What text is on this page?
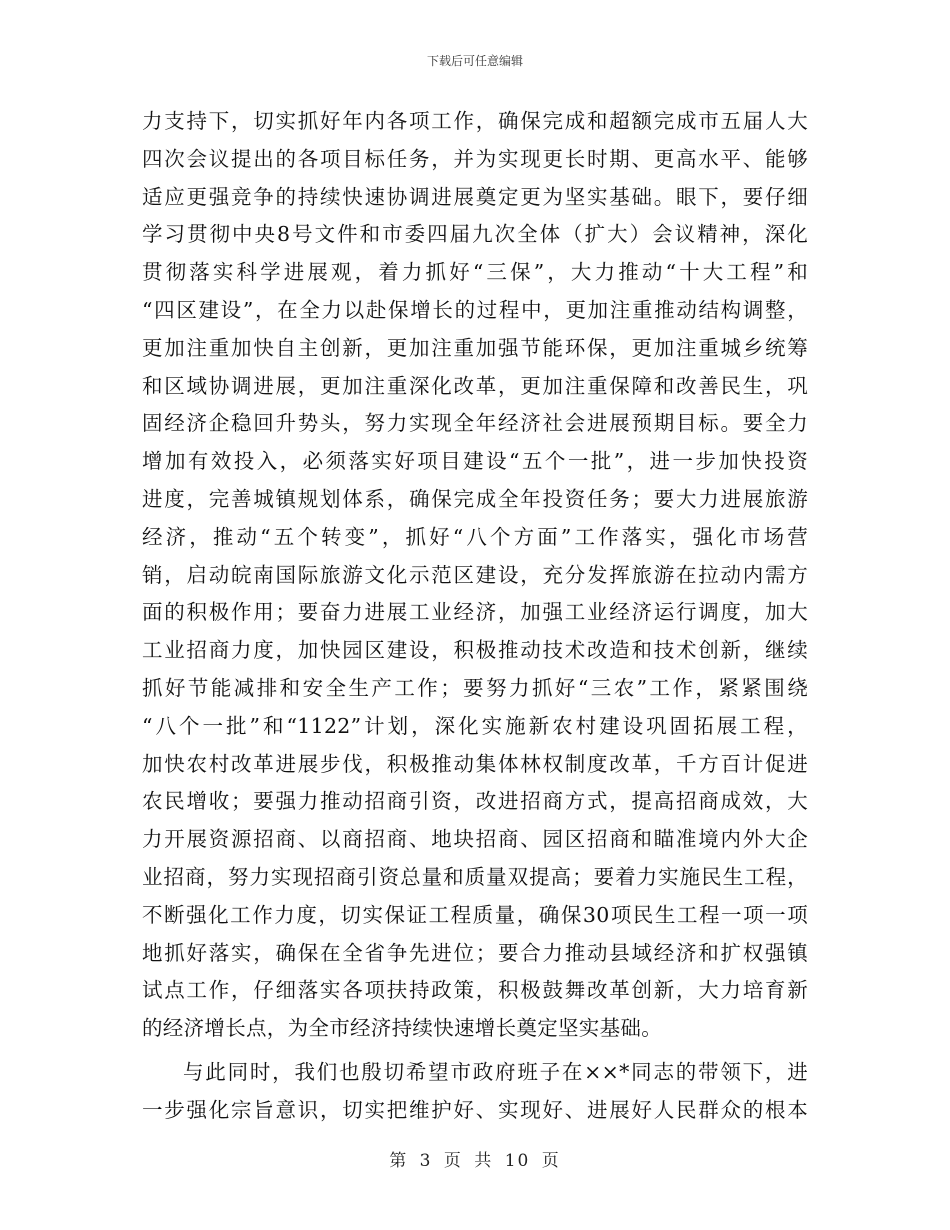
下载后可任意编辑
力支持下，切实抓好年内各项工作，确保完成和超额完成市五届人大
四次会议提出的各项目标任务，并为实现更长时期、更高水平、能够
适应更强竞争的持续快速协调进展奠定更为坚实基础。眼下，要仔细
学习贯彻中央8号文件和市委四届九次全体（扩大）会议精神，深化
贯彻落实科学进展观，着力抓好“三保”，大力推动“十大工程”和
“四区建设”，在全力以赴保增长的过程中，更加注重推动结构调整，
更加注重加快自主创新，更加注重加强节能环保，更加注重城乡统筹
和区域协调进展，更加注重深化改革，更加注重保障和改善民生，巩
固经济企稳回升势头，努力实现全年经济社会进展预期目标。要全力
增加有效投入，必须落实好项目建设“五个一批”，进一步加快投资
进度，完善城镇规划体系，确保完成全年投资任务；要大力进展旅游
经济，推动“五个转变”，抓好“八个方面”工作落实，强化市场营
销，启动皖南国际旅游文化示范区建设，充分发挥旅游在拉动内需方
面的积极作用；要奋力进展工业经济，加强工业经济运行调度，加大
工业招商力度，加快园区建设，积极推动技术改造和技术创新，继续
抓好节能减排和安全生产工作；要努力抓好“三农”工作，紧紧围绕
“八个一批”和“1122”计划，深化实施新农村建设巩固拓展工程，
加快农村改革进展步伐，积极推动集体林权制度改革，千方百计促进
农民增收；要强力推动招商引资，改进招商方式，提高招商成效，大
力开展资源招商、以商招商、地块招商、园区招商和瞄准境内外大企
业招商，努力实现招商引资总量和质量双提高；要着力实施民生工程，
不断强化工作力度，切实保证工程质量，确保30项民生工程一项一项
地抓好落实，确保在全省争先进位；要合力推动县域经济和扩权强镇
试点工作，仔细落实各项扶持政策，积极鼓舞改革创新，大力培育新
的经济增长点，为全市经济持续快速增长奠定坚实基础。
与此同时，我们也殷切希望市政府班子在××*同志的带领下，进
一步强化宗旨意识，切实把维护好、实现好、进展好人民群众的根本
第 3 页 共 10 页
